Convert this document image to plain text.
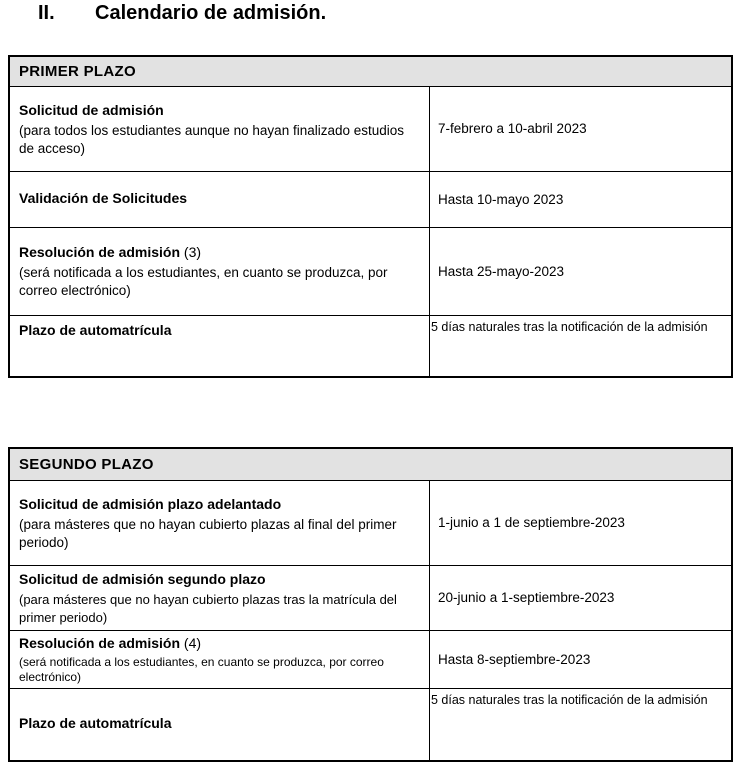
II. Calendario de admisión.
PRIMER PLAZO
Solicitud de admisión
(para todos los estudiantes aunque no hayan finalizado estudios de acceso)
7-febrero a 10-abril 2023
Validación de Solicitudes	Hasta 10-mayo 2023
Resolución de admisión (3)
(será notificada a los estudiantes, en cuanto se produzca, por correo electrónico)
Hasta 25-mayo-2023
Plazo de automatrícula	5 días naturales tras la notificación de la admisión
SEGUNDO PLAZO
Solicitud de admisión plazo adelantado
(para másteres que no hayan cubierto plazas al final del primer periodo)
1-junio a 1 de septiembre-2023
Solicitud de admisión segundo plazo
(para másteres que no hayan cubierto plazas tras la matrícula del primer periodo)
20-junio a 1-septiembre-2023
Resolución de admisión (4)
(será notificada a los estudiantes, en cuanto se produzca, por correo electrónico)
Hasta 8-septiembre-2023
Plazo de automatrícula
5 días naturales tras la notificación de la admisión
